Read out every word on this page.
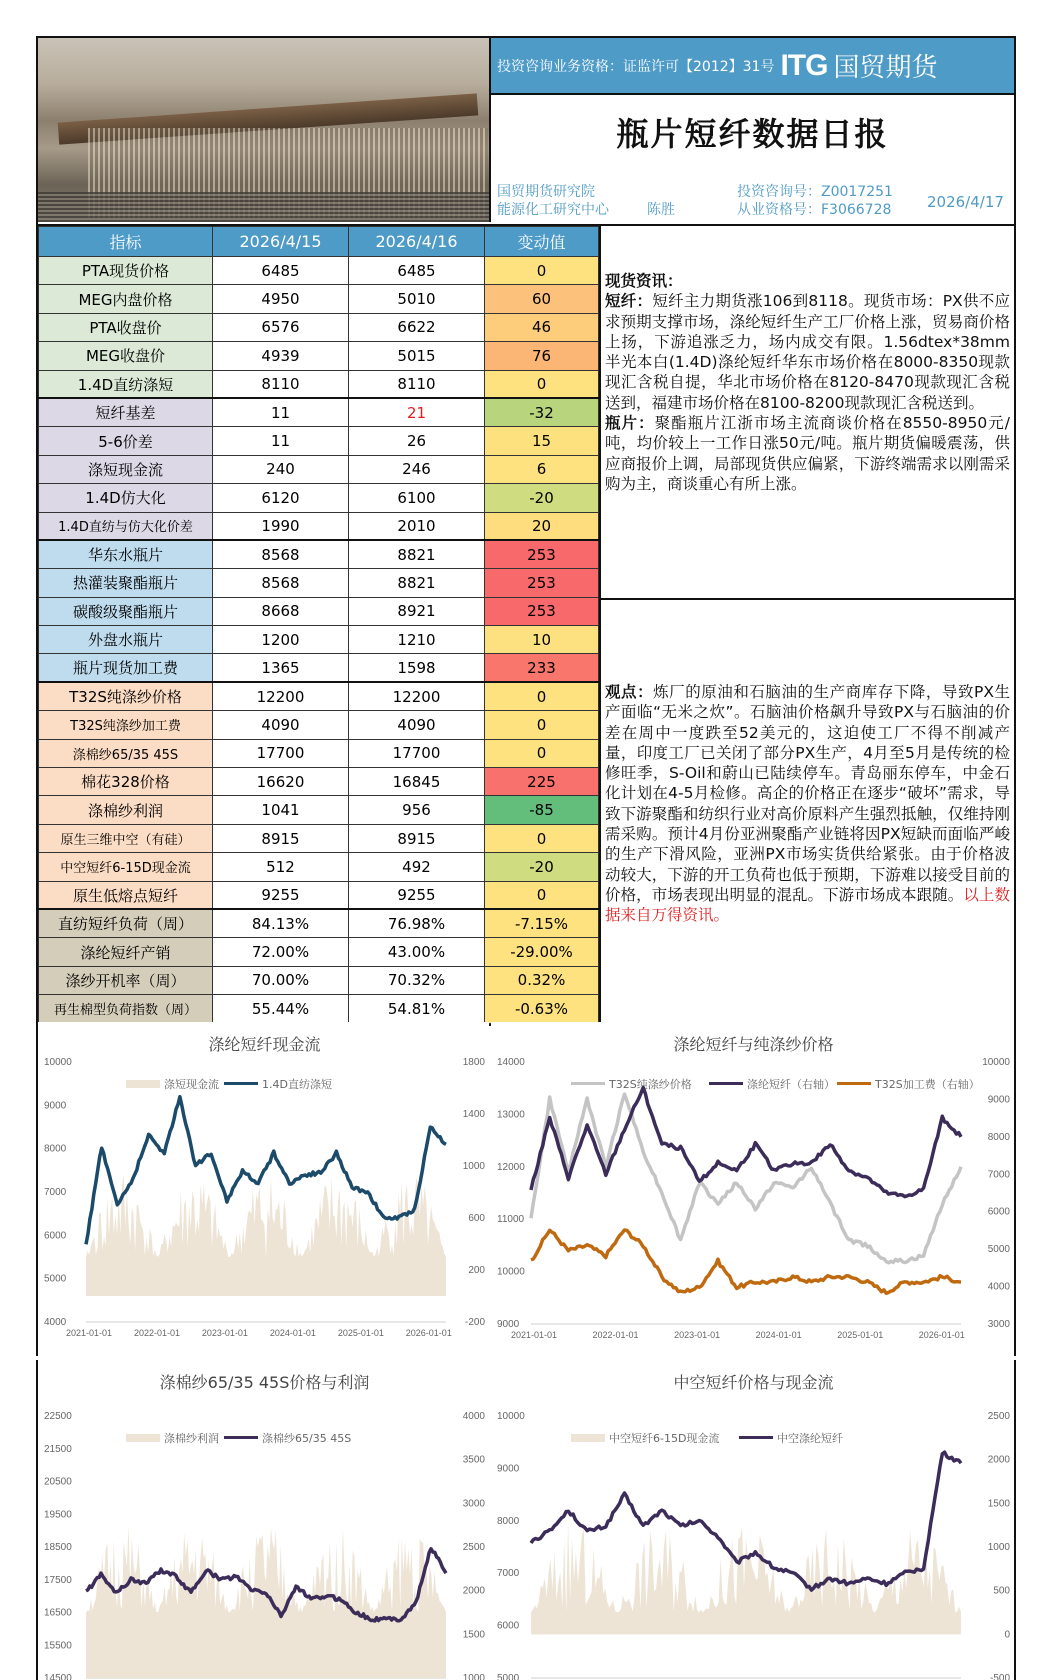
投资咨询业务资格：证监许可【2012】31号 ITG 国贸期货
瓶片短纤数据日报
国贸期货研究院
能源化工研究中心	陈胜
投资咨询号：Z0017251
从业资格号：F3066728	2026/4/17
指标	2026/4/15	2026/4/16	变动值
PTA现货价格	6485	6485	0
MEG内盘价格	4950	5010	60
PTA收盘价	6576	6622	46
MEG收盘价	4939	5015	76
1.4D直纺涤短	8110	8110	0
短纤基差	11	21	-32
5-6价差	11	26	15
涤短现金流	240	246	6
1.4D仿大化	6120	6100	-20
1.4D直纺与仿大化价差	1990	2010	20
华东水瓶片	8568	8821	253
热灌装聚酯瓶片	8568	8821	253
碳酸级聚酯瓶片	8668	8921	253
外盘水瓶片	1200	1210	10
瓶片现货加工费	1365	1598	233
T32S纯涤纱价格	12200	12200	0
T32S纯涤纱加工费	4090	4090	0
涤棉纱65/35 45S	17700	17700	0
棉花328价格	16620	16845	225
涤棉纱利润	1041	956	-85
原生三维中空（有硅）	8915	8915	0
中空短纤6-15D现金流	512	492	-20
原生低熔点短纤	9255	9255	0
直纺短纤负荷（周）	84.13%	76.98%	-7.15%
涤纶短纤产销	72.00%	43.00%	-29.00%
涤纱开机率（周）	70.00%	70.32%	0.32%
再生棉型负荷指数（周）	55.44%	54.81%	-0.63%
现货资讯：
短纤：短纤主力期货涨106到8118。现货市场：PX供不应求预期支撑市场，涤纶短纤生产工厂价格上涨，贸易商价格上扬，下游追涨乏力，场内成交有限。1.56dtex*38mm半光本白(1.4D)涤纶短纤华东市场价格在8000-8350现款现汇含税自提，华北市场价格在8120-8470现款现汇含税送到，福建市场价格在8100-8200现款现汇含税送到。
瓶片：聚酯瓶片江浙市场主流商谈价格在8550-8950元/吨，均价较上一工作日涨50元/吨。瓶片期货偏暖震荡，供应商报价上调，局部现货供应偏紧，下游终端需求以刚需采购为主，商谈重心有所上涨。
观点：炼厂的原油和石脑油的生产商库存下降，导致PX生产面临“无米之炊”。石脑油价格飙升导致PX与石脑油的价差在周中一度跌至52美元的，这迫使工厂不得不削减产量，印度工厂已关闭了部分PX生产，4月至5月是传统的检修旺季，S-Oil和蔚山已陆续停车。青岛丽东停车，中金石化计划在4-5月检修。高企的价格正在逐步“破坏”需求，导致下游聚酯和纺织行业对高价原料产生强烈抵触，仅维持刚需采购。预计4月份亚洲聚酯产业链将因PX短缺而面临严峻的生产下滑风险，亚洲PX市场实货供给紧张。由于价格波动较大，下游的开工负荷也低于预期，下游难以接受目前的价格，市场表现出明显的混乱。下游市场成本跟随。以上数据来自万得资讯。
涤纶短纤现金流
4000
5000
6000
7000
8000
9000
10000
-200
200
600
1000
1400
1800
2021-01-01 2022-01-01 2023-01-01 2024-01-01 2025-01-01 2026-01-01
涤短现金流	1.4D直纺涤短
涤纶短纤与纯涤纱价格
9000
10000
11000
12000
13000
14000
3000
4000
5000
6000
7000
8000
9000
10000
2021-01-01	2022-01-01	2023-01-01	2024-01-01	2025-01-01	2026-01-01
T32S纯涤纱价格	涤纶短纤（右轴）	T32S加工费（右轴）
涤棉纱65/35 45S价格与利润
14500
15500
16500
17500
18500
19500
20500
21500
22500
1000
1500
2000
2500
3000
3500
4000
涤棉纱利润	涤棉纱65/35 45S
中空短纤价格与现金流
5000
6000
7000
8000
9000
10000
-500
0
500
1000
1500
2000
2500
中空短纤6-15D现金流	中空涤纶短纤
